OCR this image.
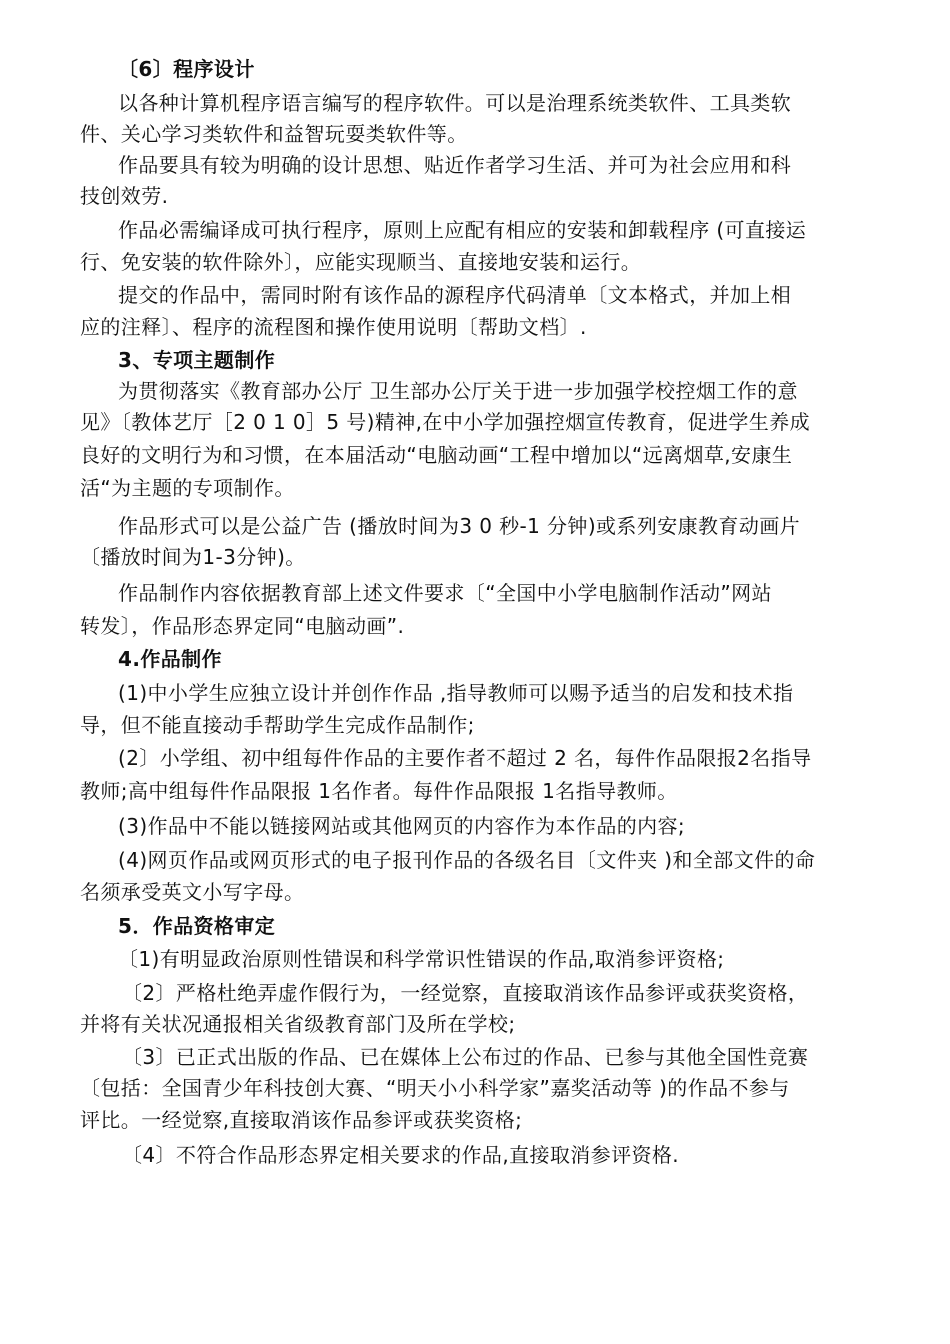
〔6〕程序设计
以各种计算机程序语言编写的程序软件。可以是治理系统类软件、工具类软
件、关心学习类软件和益智玩耍类软件等。
作品要具有较为明确的设计思想、贴近作者学习生活、并可为社会应用和科
技创效劳.
作品必需编译成可执行程序，原则上应配有相应的安装和卸载程序 (可直接运
行、免安装的软件除外〕，应能实现顺当、直接地安装和运行。
提交的作品中，需同时附有该作品的源程序代码清单〔文本格式，并加上相
应的注释〕、程序的流程图和操作使用说明〔帮助文档〕.
3、专项主题制作
为贯彻落实《教育部办公厅 卫生部办公厅关于进一步加强学校控烟工作的意
见》〔教体艺厅［2 0 1 0］5 号)精神,在中小学加强控烟宣传教育，促进学生养成
良好的文明行为和习惯，在本届活动“电脑动画“工程中增加以“远离烟草,安康生
活“为主题的专项制作。
作品形式可以是公益广告 (播放时间为3 0 秒-1 分钟)或系列安康教育动画片
〔播放时间为1-3分钟)。
作品制作内容依据教育部上述文件要求〔“全国中小学电脑制作活动”网站
转发〕，作品形态界定同“电脑动画”.
4.作品制作
(1)中小学生应独立设计并创作作品 ,指导教师可以赐予适当的启发和技术指
导，但不能直接动手帮助学生完成作品制作;
(2〕小学组、初中组每件作品的主要作者不超过 2 名，每件作品限报2名指导
教师;高中组每件作品限报 1名作者。每件作品限报 1名指导教师。
(3)作品中不能以链接网站或其他网页的内容作为本作品的内容;
(4)网页作品或网页形式的电子报刊作品的各级名目〔文件夹 )和全部文件的命
名须承受英文小写字母。
5．作品资格审定
〔1)有明显政治原则性错误和科学常识性错误的作品,取消参评资格;
〔2〕严格杜绝弄虚作假行为，一经觉察，直接取消该作品参评或获奖资格，
并将有关状况通报相关省级教育部门及所在学校;
〔3〕已正式出版的作品、已在媒体上公布过的作品、已参与其他全国性竞赛
〔包括：全国青少年科技创大赛、“明天小小科学家”嘉奖活动等 )的作品不参与
评比。一经觉察,直接取消该作品参评或获奖资格;
〔4〕不符合作品形态界定相关要求的作品,直接取消参评资格.
